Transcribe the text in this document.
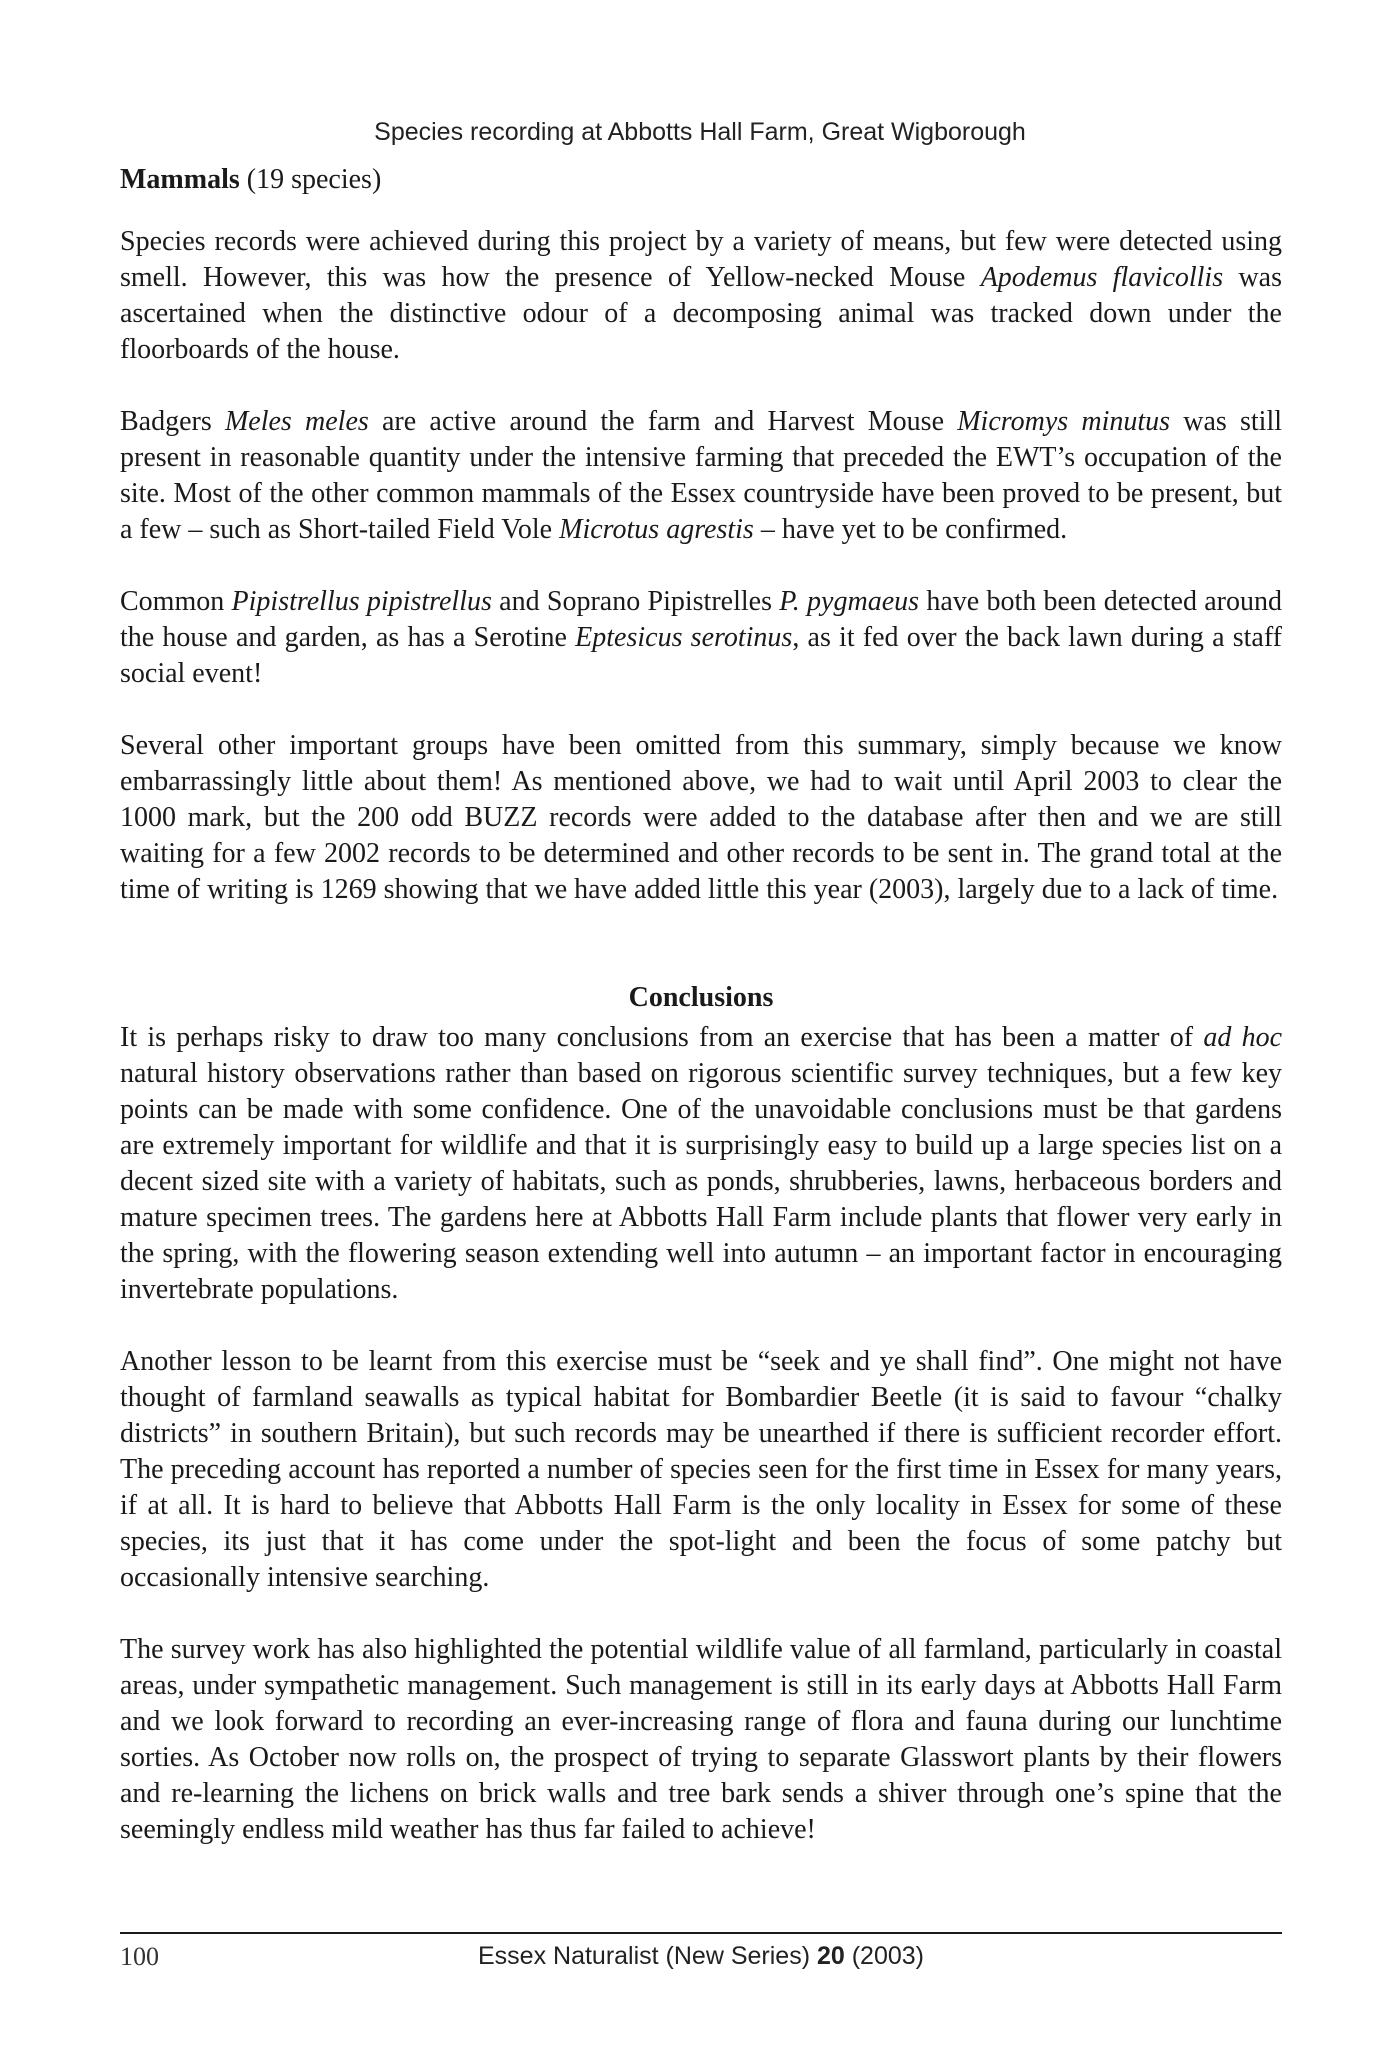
Species recording at Abbotts Hall Farm, Great Wigborough
Mammals (19 species)

Species records were achieved during this project by a variety of means, but few were detected using smell. However, this was how the presence of Yellow-necked Mouse Apodemus flavicollis was ascertained when the distinctive odour of a decomposing animal was tracked down under the floorboards of the house.

Badgers Meles meles are active around the farm and Harvest Mouse Micromys minutus was still present in reasonable quantity under the intensive farming that preceded the EWT’s occupation of the site. Most of the other common mammals of the Essex countryside have been proved to be present, but a few – such as Short-tailed Field Vole Microtus agrestis – have yet to be confirmed.

Common Pipistrellus pipistrellus and Soprano Pipistrelles P. pygmaeus have both been detected around the house and garden, as has a Serotine Eptesicus serotinus, as it fed over the back lawn during a staff social event!

Several other important groups have been omitted from this summary, simply because we know embarrassingly little about them! As mentioned above, we had to wait until April 2003 to clear the 1000 mark, but the 200 odd BUZZ records were added to the database after then and we are still waiting for a few 2002 records to be determined and other records to be sent in. The grand total at the time of writing is 1269 showing that we have added little this year (2003), largely due to a lack of time.

Conclusions

It is perhaps risky to draw too many conclusions from an exercise that has been a matter of ad hoc natural history observations rather than based on rigorous scientific survey techniques, but a few key points can be made with some confidence. One of the unavoidable conclusions must be that gardens are extremely important for wildlife and that it is surprisingly easy to build up a large species list on a decent sized site with a variety of habitats, such as ponds, shrubberies, lawns, herbaceous borders and mature specimen trees. The gardens here at Abbotts Hall Farm include plants that flower very early in the spring, with the flowering season extending well into autumn – an important factor in encouraging invertebrate populations.

Another lesson to be learnt from this exercise must be “seek and ye shall find”. One might not have thought of farmland seawalls as typical habitat for Bombardier Beetle (it is said to favour “chalky districts” in southern Britain), but such records may be unearthed if there is sufficient recorder effort. The preceding account has reported a number of species seen for the first time in Essex for many years, if at all. It is hard to believe that Abbotts Hall Farm is the only locality in Essex for some of these species, its just that it has come under the spot-light and been the focus of some patchy but occasionally intensive searching.

The survey work has also highlighted the potential wildlife value of all farmland, particularly in coastal areas, under sympathetic management. Such management is still in its early days at Abbotts Hall Farm and we look forward to recording an ever-increasing range of flora and fauna during our lunchtime sorties. As October now rolls on, the prospect of trying to separate Glasswort plants by their flowers and re-learning the lichens on brick walls and tree bark sends a shiver through one’s spine that the seemingly endless mild weather has thus far failed to achieve!

100	Essex Naturalist (New Series) 20 (2003)
